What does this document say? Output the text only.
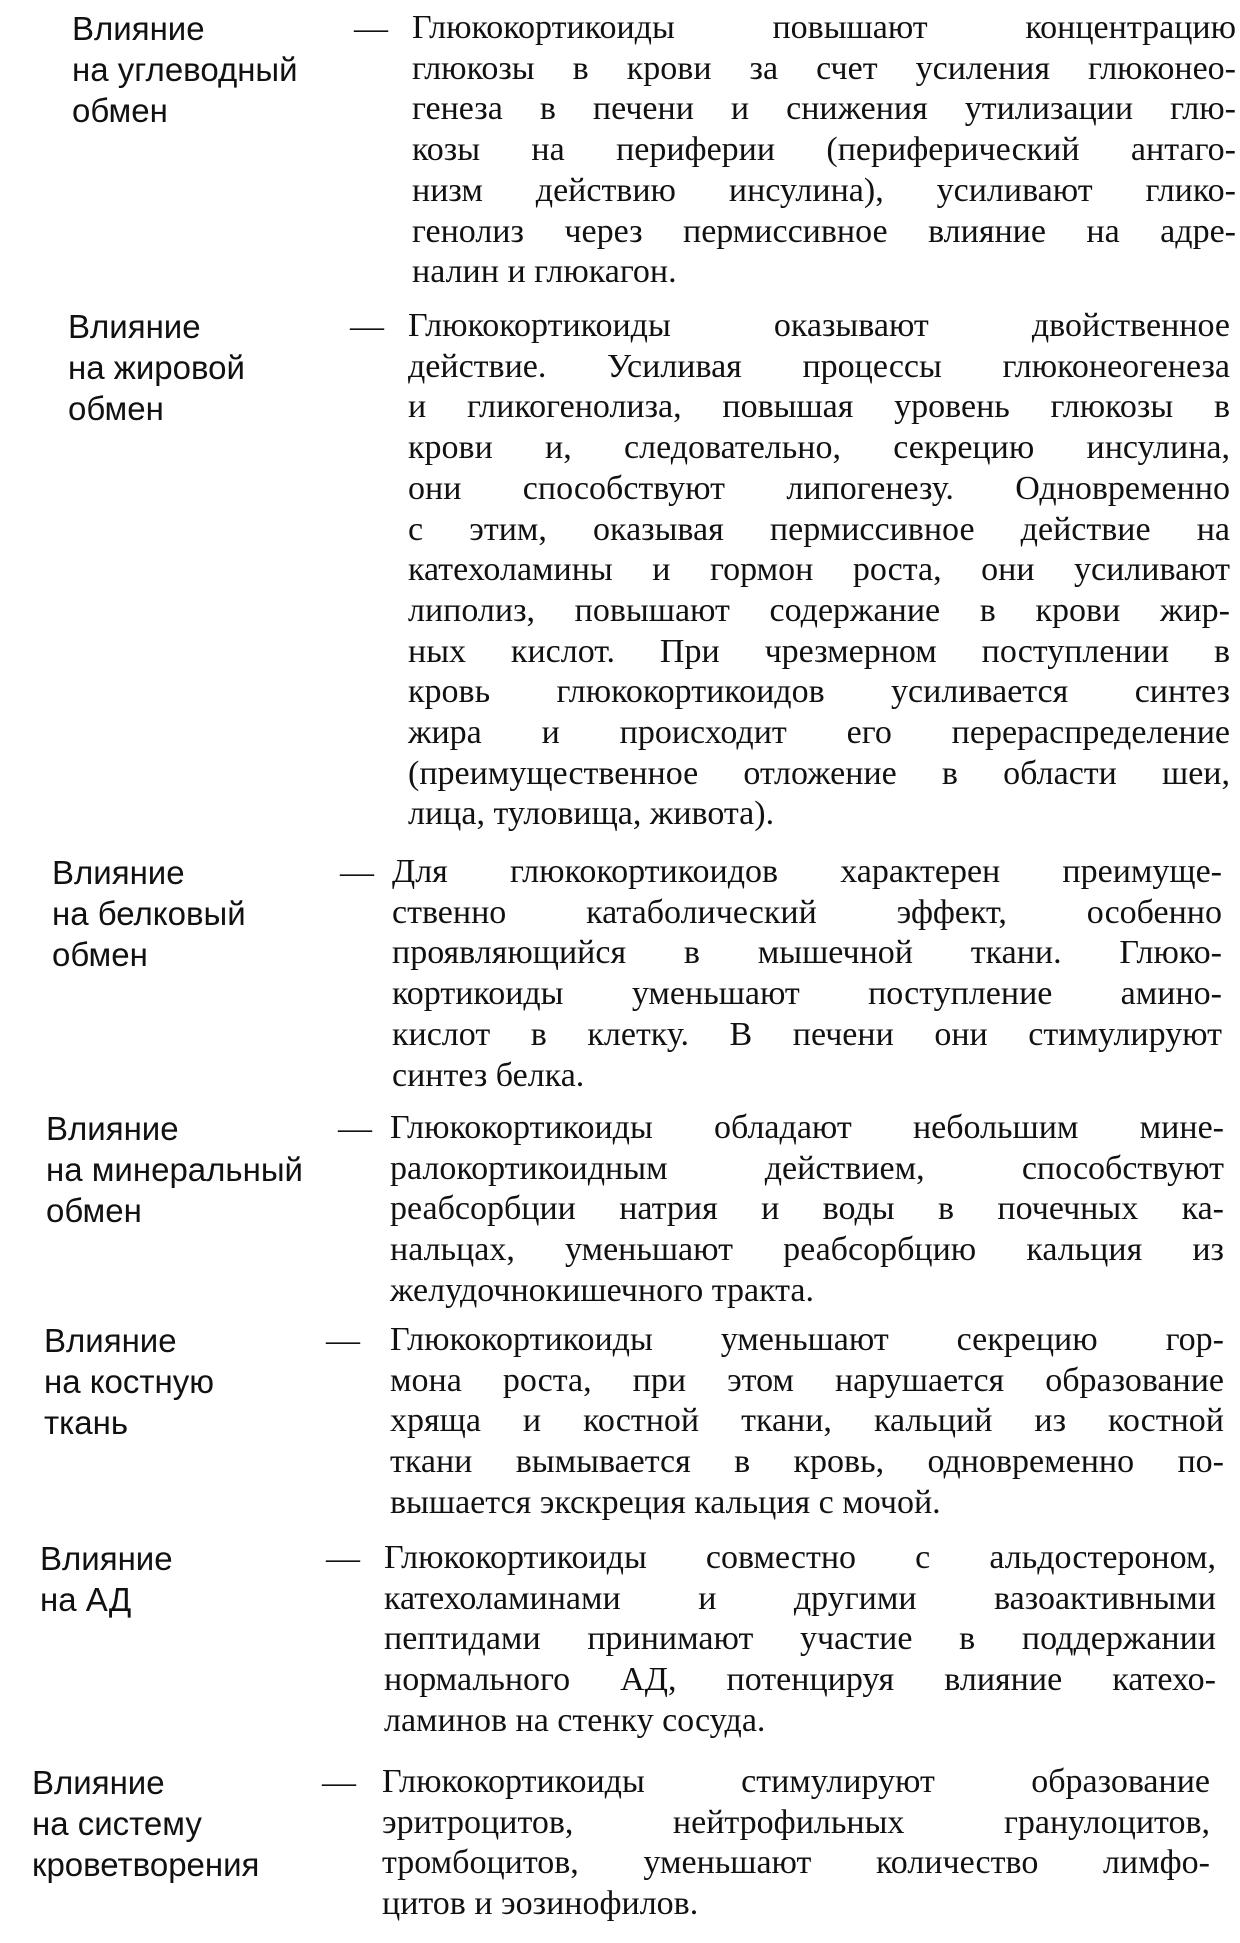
Влияние
на углеводный
обмен
— Глюкокортикоиды повышают концентрацию
глюкозы в крови за счет усиления глюконео-
генеза в печени и снижения утилизации глю-
козы на периферии (периферический антаго-
низм действию инсулина), усиливают глико-
генолиз через пермиссивное влияние на адре-
налин и глюкагон.
Влияние
на жировой
обмен
— Глюкокортикоиды оказывают двойственное
действие. Усиливая процессы глюконеогенеза
и гликогенолиза, повышая уровень глюкозы в
крови и, следовательно, секрецию инсулина,
они способствуют липогенезу. Одновременно
с этим, оказывая пермиссивное действие на
катехоламины и гормон роста, они усиливают
липолиз, повышают содержание в крови жир-
ных кислот. При чрезмерном поступлении в
кровь глюкокортикоидов усиливается синтез
жира и происходит его перераспределение
(преимущественное отложение в области шеи,
лица, туловища, живота).
Влияние
на белковый
обмен
— Для глюкокортикоидов характерен преимуще-
ственно катаболический эффект, особенно
проявляющийся в мышечной ткани. Глюко-
кортикоиды уменьшают поступление амино-
кислот в клетку. В печени они стимулируют
синтез белка.
Влияние
на минеральный
обмен
— Глюкокортикоиды обладают небольшим мине-
ралокортикоидным действием, способствуют
реабсорбции натрия и воды в почечных ка-
нальцах, уменьшают реабсорбцию кальция из
желудочнокишечного тракта.
Влияние
на костную
ткань
— Глюкокортикоиды уменьшают секрецию гор-
мона роста, при этом нарушается образование
хряща и костной ткани, кальций из костной
ткани вымывается в кровь, одновременно по-
вышается экскреция кальция с мочой.
Влияние
на АД
— Глюкокортикоиды совместно с альдостероном,
катехоламинами и другими вазоактивными
пептидами принимают участие в поддержании
нормального АД, потенцируя влияние катехо-
ламинов на стенку сосуда.
Влияние
на систему
кроветворения
— Глюкокортикоиды стимулируют образование
эритроцитов, нейтрофильных гранулоцитов,
тромбоцитов, уменьшают количество лимфо-
цитов и эозинофилов.
